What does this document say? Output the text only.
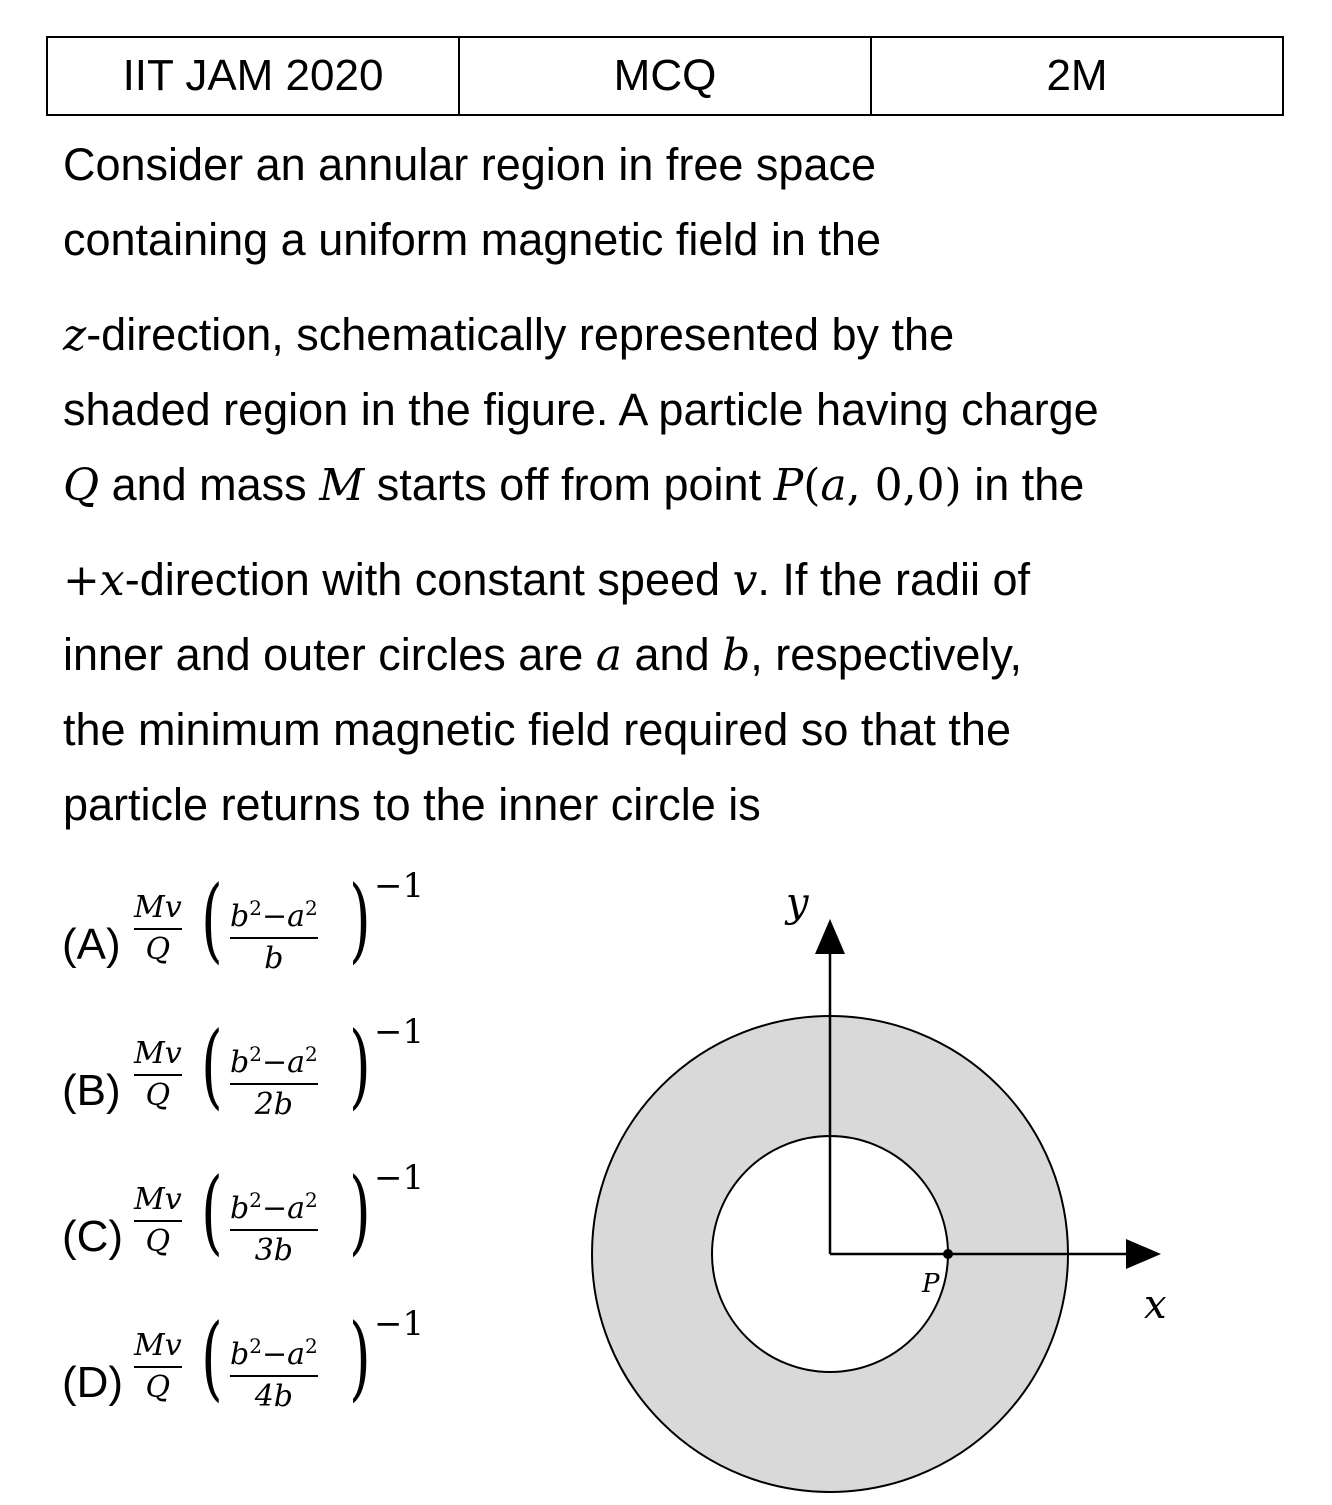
IIT JAM 2020	MCQ	2M
Consider an annular region in free space
containing a uniform magnetic field in the
z-direction, schematically represented by the
shaded region in the figure. A particle having charge
Q and mass M starts off from point P(a, 0,0) in the
+x-direction with constant speed v. If the radii of
inner and outer circles are a and b, respectively,
the minimum magnetic field required so that the
particle returns to the inner circle is
(A)
Mv
Q ( $b^2-a^2$
b ) −1
(B)
Mv
Q ( $b^2-a^2$
2b ) −1
(C)
Mv
Q ( $b^2-a^2$
3b ) −1
(D)
Mv
Q ( $b^2-a^2$
4b ) −1
P	x
y
